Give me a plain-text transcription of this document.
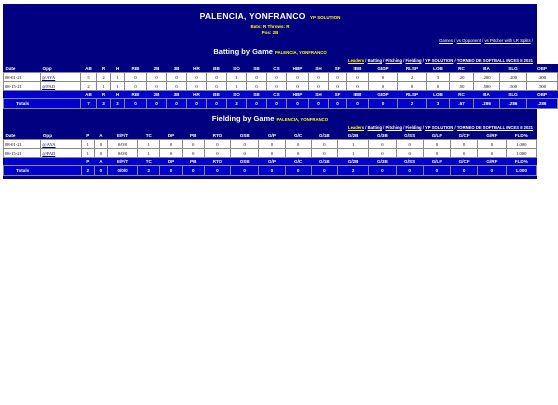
PALENCIA, YONFRANCO YP SOLUTION
Bats: R Throws: R
Pos: 2B
Games / vs Opponent / vs Pitcher with LR Splits /
Batting by Game PALENCIA, YONFRANCO
Leaders / Batting / Pitching / Fielding / YP SOLUTION / TORNEO DE SOFTBALL INCES II 2021
Date	Opp	AB	R	H	RBI	2B	3B	HR	BB	SO	SB	CS	HBP	SH	SF	IBB	GIDP	RLSP	LOB	RC	BA	SLG	OBP
08-01-21	@AYA	5	2	1	0	0	0	0	0	1	0	0	0	0	0	0	0	2	3	.20	.200	.200	.200
08-15-21	@PAD	2	1	1	0	0	0	0	0	1	0	0	0	0	0	0	0	0	0	.50	.500	.500	.500
		AB	R	H	RBI	2B	3B	HR	BB	SO	SB	CS	HBP	SH	SF	IBB	GIDP	RLSP	LOB	RC	BA	SLG	OBP
Totals		7	3	2	0	0	0	0	0	2	0	0	0	0	0	0	0	2	3	.57	.286	.286	.286
Fielding by Game PALENCIA, YONFRANCO
Leaders / Batting / Pitching / Fielding / YP SOLUTION / TORNEO DE SOFTBALL INCES II 2021
Date	Opp	P	A	E/F/T	TC	DP	PB	RTO	OSB	G/P	G/C	G/1B	G/2B	G/3B	G/SS	G/LF	G/CF	G/RF	FLD%
08-01-21	@AYA	1	0	0/0/0	1	0	0	0	0	0	0	0	1	0	0	0	0	0	1.000
08-15-21	@PAD	1	0	0/0/0	1	0	0	0	0	0	0	0	1	0	0	0	0	0	1.000
		P	A	E/F/T	TC	DP	PB	RTO	OSB	G/P	G/C	G/1B	G/2B	G/3B	G/SS	G/LF	G/CF	G/RF	FLD%
Totals		2	0	0/0/0	2	0	0	0	0	0	0	0	2	0	0	0	0	0	1.000
